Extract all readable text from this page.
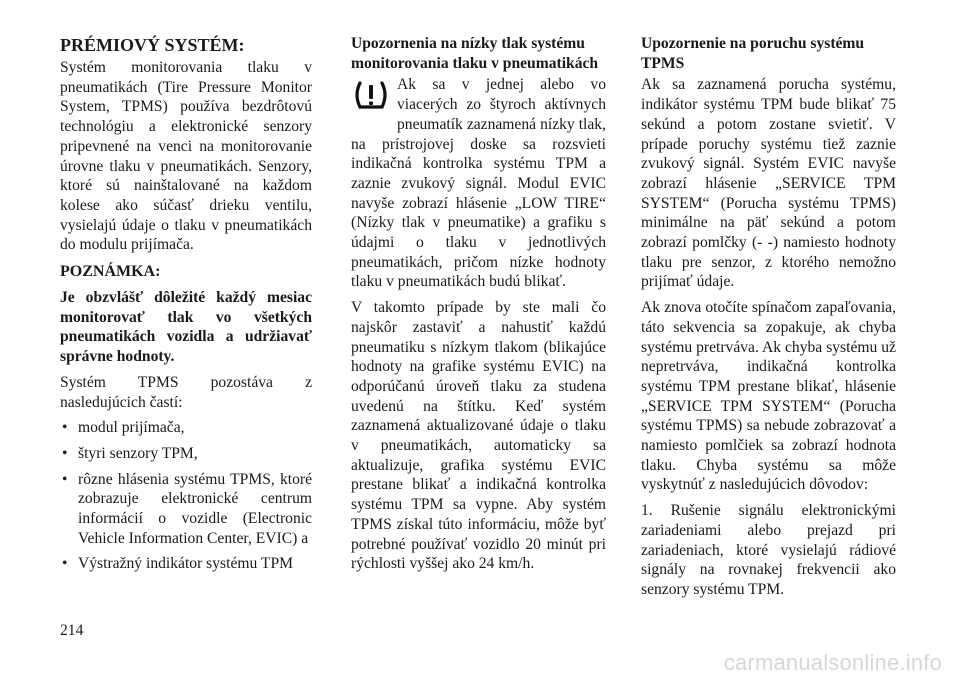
PRÉMIOVÝ SYSTÉM:

Systém monitorovania tlaku v pneumatikách (Tire Pressure Monitor System, TPMS) používa bezdrôtovú technológiu a elektronické senzory pripevnené na venci na monitorovanie úrovne tlaku v pneumatikách. Senzory, ktoré sú nainštalované na každom kolese ako súčasť drieku ventilu, vysielajú údaje o tlaku v pneumatikách do modulu prijímača.

POZNÁMKA:

Je obzvlášť dôležité každý mesiac monitorovať tlak vo všetkých pneumatikách vozidla a udržiavať správne hodnoty.

Systém TPMS pozostáva z nasledujúcich častí:

• modul prijímača,
• štyri senzory TPM,
• rôzne hlásenia systému TPMS, ktoré zobrazuje elektronické centrum informácií o vozidle (Electronic Vehicle Information Center, EVIC) a
• Výstražný indikátor systému TPM

Upozornenia na nízky tlak systému monitorovania tlaku v pneumatikách

Ak sa v jednej alebo vo viacerých zo štyroch aktívnych pneumatík zaznamená nízky tlak, na prístrojovej doske sa rozsvieti indikačná kontrolka systému TPM a zaznie zvukový signál. Modul EVIC navyše zobrazí hlásenie „LOW TIRE“ (Nízky tlak v pneumatike) a grafiku s údajmi o tlaku v jednotlivých pneumatikách, pričom nízke hodnoty tlaku v pneumatikách budú blikať.

V takomto prípade by ste mali čo najskôr zastaviť a nahustiť každú pneumatiku s nízkym tlakom (blikajúce hodnoty na grafike systému EVIC) na odporúčanú úroveň tlaku za studena uvedenú na štítku. Keď systém zaznamená aktualizované údaje o tlaku v pneumatikách, automaticky sa aktualizuje, grafika systému EVIC prestane blikať a indikačná kontrolka systému TPM sa vypne. Aby systém TPMS získal túto informáciu, môže byť potrebné používať vozidlo 20 minút pri rýchlosti vyššej ako 24 km/h.

Upozornenie na poruchu systému TPMS

Ak sa zaznamená porucha systému, indikátor systému TPM bude blikať 75 sekúnd a potom zostane svietiť. V prípade poruchy systému tiež zaznie zvukový signál. Systém EVIC navyše zobrazí hlásenie „SERVICE TPM SYSTEM“ (Porucha systému TPMS) minimálne na päť sekúnd a potom zobrazí pomlčky (- -) namiesto hodnoty tlaku pre senzor, z ktorého nemožno prijímať údaje.

Ak znova otočíte spínačom zapaľovania, táto sekvencia sa zopakuje, ak chyba systému pretrváva. Ak chyba systému už nepretrváva, indikačná kontrolka systému TPM prestane blikať, hlásenie „SERVICE TPM SYSTEM“ (Porucha systému TPMS) sa nebude zobrazovať a namiesto pomlčiek sa zobrazí hodnota tlaku. Chyba systému sa môže vyskytnúť z nasledujúcich dôvodov:

1. Rušenie signálu elektronickými zariadeniami alebo prejazd pri zariadeniach, ktoré vysielajú rádiové signály na rovnakej frekvencii ako senzory systému TPM.

214
carmanualsonline.info
